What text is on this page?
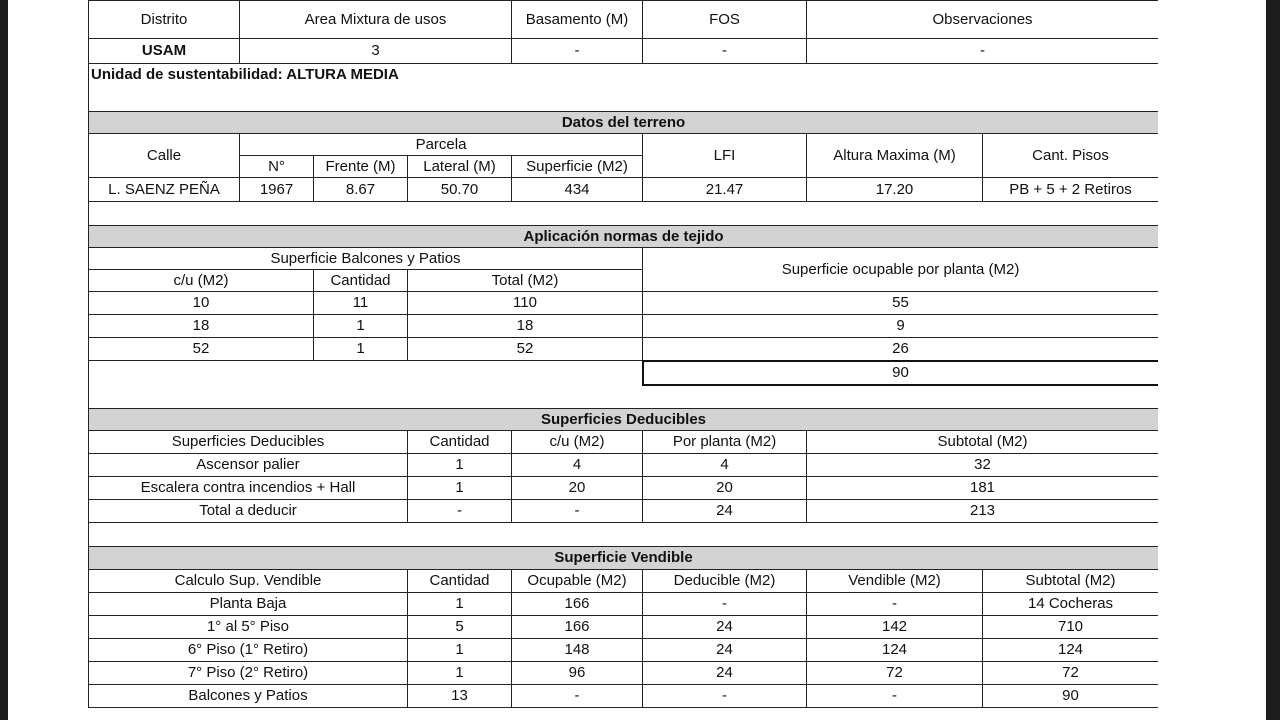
Distrito	Area Mixtura de usos			Basamento (M)	FOS	Observaciones	
USAM	3			-	-	-	
Unidad de sustentabilidad: ALTURA MEDIA							

Datos del terreno							
Calle	Parcela				LFI	Altura Maxima (M)	Cant. Pisos
	N°	Frente (M)	Lateral (M)	Superficie (M2)			
L. SAENZ PEÑA	1967	8.67	50.70	434	21.47	17.20	PB + 5 + 2 Retiros

Aplicación normas de tejido							
Superficie Balcones y Patios					Superficie ocupable por planta (M2)		
c/u (M2)		Cantidad	Total (M2)				
10		11	110		55		
18		1	18		9		
52		1	52		26		
					90		

Superficies Deducibles							
Superficies Deducibles			Cantidad	c/u (M2)	Por planta (M2)	Subtotal (M2)	
Ascensor palier			1	4	4	32	
Escalera contra incendios + Hall			1	20	20	181	
Total a deducir			-	-	24	213	

Superficie Vendible							
Calculo Sup. Vendible			Cantidad	Ocupable (M2)	Deducible (M2)	Vendible (M2)	Subtotal (M2)
Planta Baja			1	166	-	-	14 Cocheras
1° al 5° Piso			5	166	24	142	710
6° Piso (1° Retiro)			1	148	24	124	124
7° Piso (2° Retiro)			1	96	24	72	72
Balcones y Patios			13	-	-	-	90
